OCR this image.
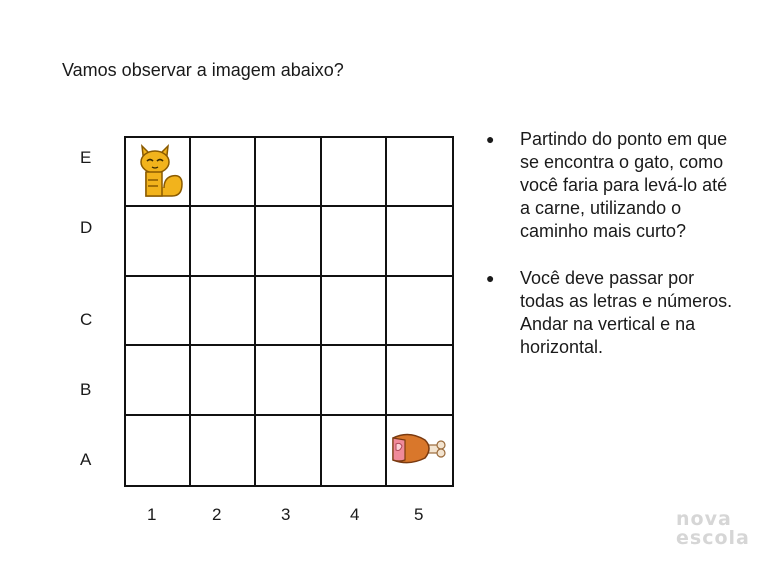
Vamos observar a imagem abaixo?
E
D
C
B
A
1	2	3	4	5
●	Partindo do ponto em que se encontra o gato, como você faria para levá-lo até a carne, utilizando o caminho mais curto?
●	Você deve passar por todas as letras e números. Andar na vertical e na horizontal.
nova
escola
